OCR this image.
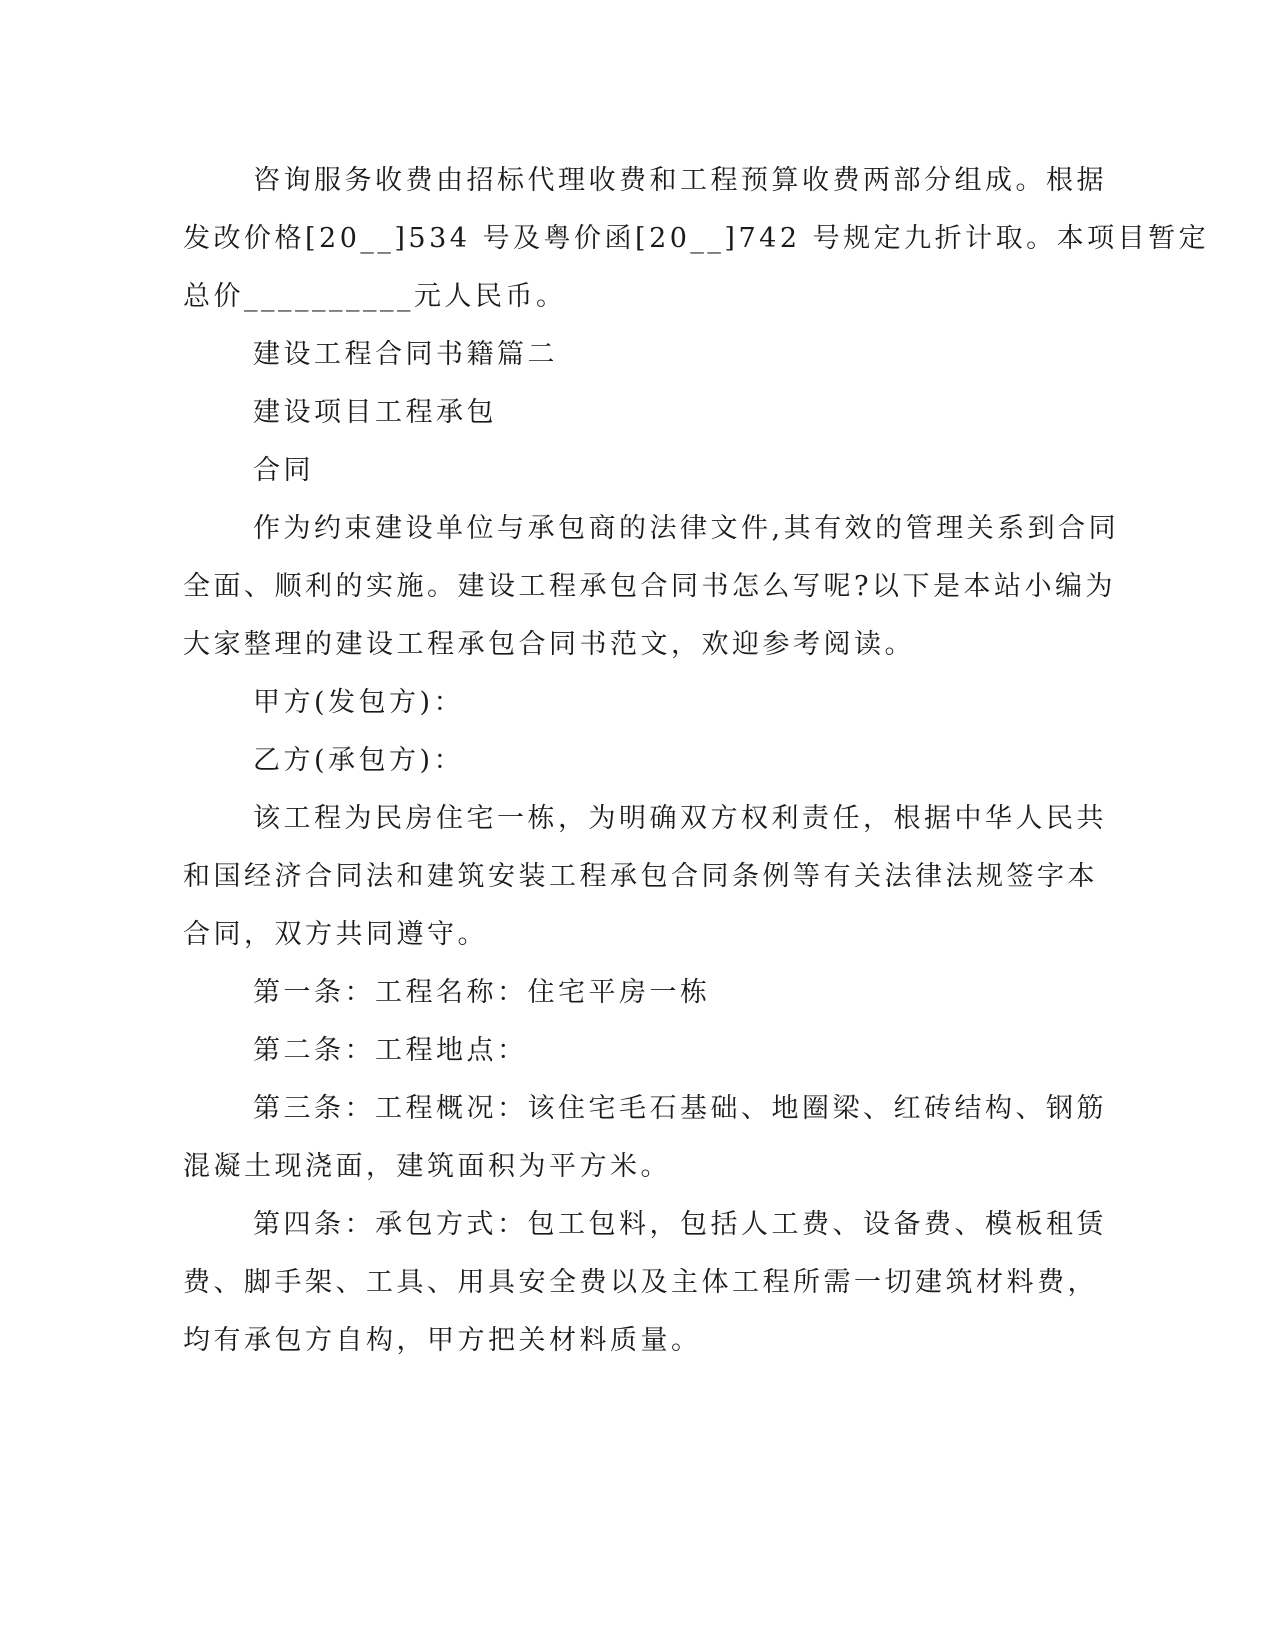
咨询服务收费由招标代理收费和工程预算收费两部分组成。根据
发改价格[20__]534 号及粤价函[20__]742 号规定九折计取。本项目暂定
总价__________元人民币。
建设工程合同书籍篇二
建设项目工程承包
合同
作为约束建设单位与承包商的法律文件,其有效的管理关系到合同
全面、顺利的实施。建设工程承包合同书怎么写呢?以下是本站小编为
大家整理的建设工程承包合同书范文，欢迎参考阅读。
甲方(发包方)：
乙方(承包方)：
该工程为民房住宅一栋，为明确双方权利责任，根据中华人民共
和国经济合同法和建筑安装工程承包合同条例等有关法律法规签字本
合同，双方共同遵守。
第一条：工程名称：住宅平房一栋
第二条：工程地点：
第三条：工程概况：该住宅毛石基础、地圈梁、红砖结构、钢筋
混凝土现浇面，建筑面积为平方米。
第四条：承包方式：包工包料，包括人工费、设备费、模板租赁
费、脚手架、工具、用具安全费以及主体工程所需一切建筑材料费，
均有承包方自构，甲方把关材料质量。
